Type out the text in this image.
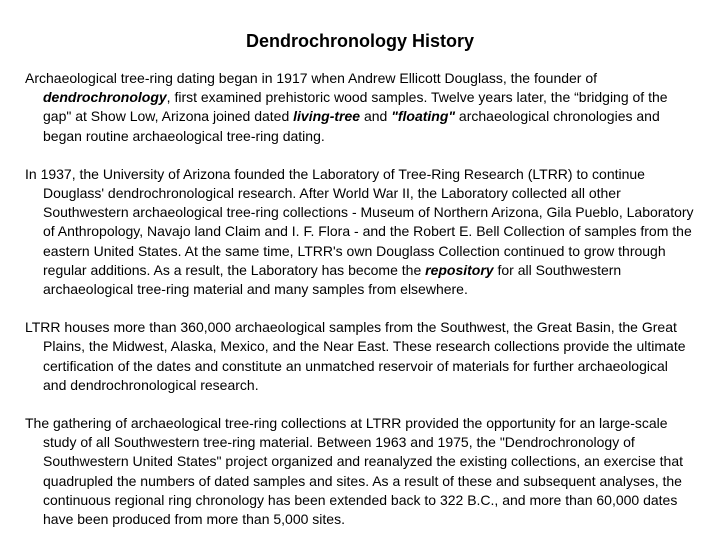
Dendrochronology History

Archaeological tree-ring dating began in 1917 when Andrew Ellicott Douglass, the founder of dendrochronology, first examined prehistoric wood samples. Twelve years later, the “bridging of the gap" at Show Low, Arizona joined dated living-tree and "floating" archaeological chronologies and began routine archaeological tree-ring dating.

In 1937, the University of Arizona founded the Laboratory of Tree-Ring Research (LTRR) to continue Douglass' dendrochronological research. After World War II, the Laboratory collected all other Southwestern archaeological tree-ring collections - Museum of Northern Arizona, Gila Pueblo, Laboratory of Anthropology, Navajo land Claim and I. F. Flora - and the Robert E. Bell Collection of samples from the eastern United States. At the same time, LTRR's own Douglass Collection continued to grow through regular additions. As a result, the Laboratory has become the repository for all Southwestern archaeological tree-ring material and many samples from elsewhere.

LTRR houses more than 360,000 archaeological samples from the Southwest, the Great Basin, the Great Plains, the Midwest, Alaska, Mexico, and the Near East. These research collections provide the ultimate certification of the dates and constitute an unmatched reservoir of materials for further archaeological and dendrochronological research.

The gathering of archaeological tree-ring collections at LTRR provided the opportunity for an large-scale study of all Southwestern tree-ring material. Between 1963 and 1975, the "Dendrochronology of Southwestern United States" project organized and reanalyzed the existing collections, an exercise that quadrupled the numbers of dated samples and sites. As a result of these and subsequent analyses, the continuous regional ring chronology has been extended back to 322 B.C., and more than 60,000 dates have been produced from more than 5,000 sites.
